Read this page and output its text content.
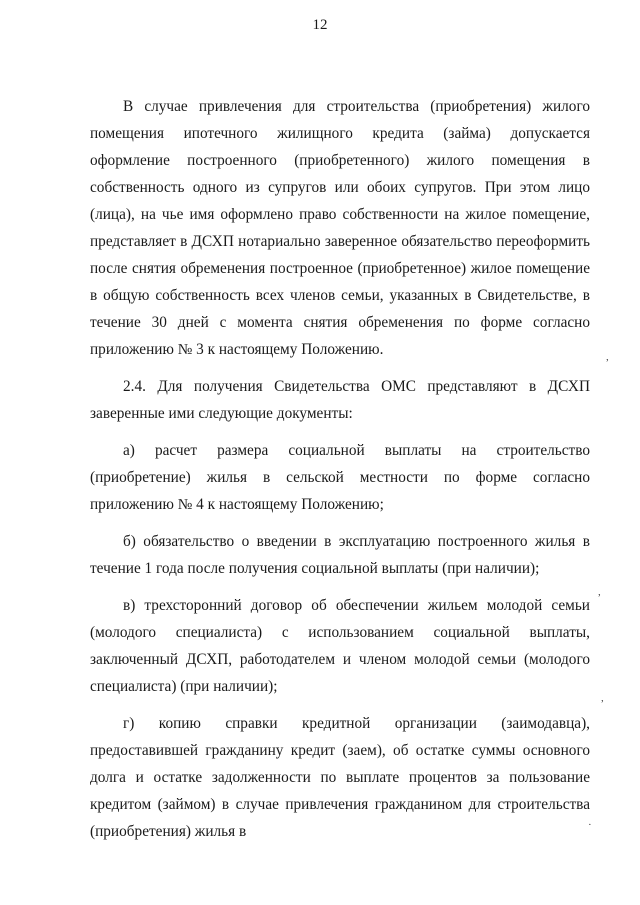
12

В случае привлечения для строительства (приобретения) жилого помещения ипотечного жилищного кредита (займа) допускается оформление построенного (приобретенного) жилого помещения в собственность одного из супругов или обоих супругов. При этом лицо (лица), на чье имя оформлено право собственности на жилое помещение, представляет в ДСХП нотариально заверенное обязательство переоформить после снятия обременения построенное (приобретенное) жилое помещение в общую собственность всех членов семьи, указанных в Свидетельстве, в течение 30 дней с момента снятия обременения по форме согласно приложению № 3 к настоящему Положению.

2.4. Для получения Свидетельства ОМС представляют в ДСХП заверенные ими следующие документы:

а) расчет размера социальной выплаты на строительство (приобретение) жилья в сельской местности по форме согласно приложению № 4 к настоящему Положению;

б) обязательство о введении в эксплуатацию построенного жилья в течение 1 года после получения социальной выплаты (при наличии);

в) трехсторонний договор об обеспечении жильем молодой семьи (молодого специалиста) с использованием социальной выплаты, заключенный ДСХП, работодателем и членом молодой семьи (молодого специалиста) (при наличии);

г) копию справки кредитной организации (заимодавца), предоставившей гражданину кредит (заем), об остатке суммы основного долга и остатке задолженности по выплате процентов за пользование кредитом (займом) в случае привлечения гражданином для строительства (приобретения) жилья в

,
,
,
·
